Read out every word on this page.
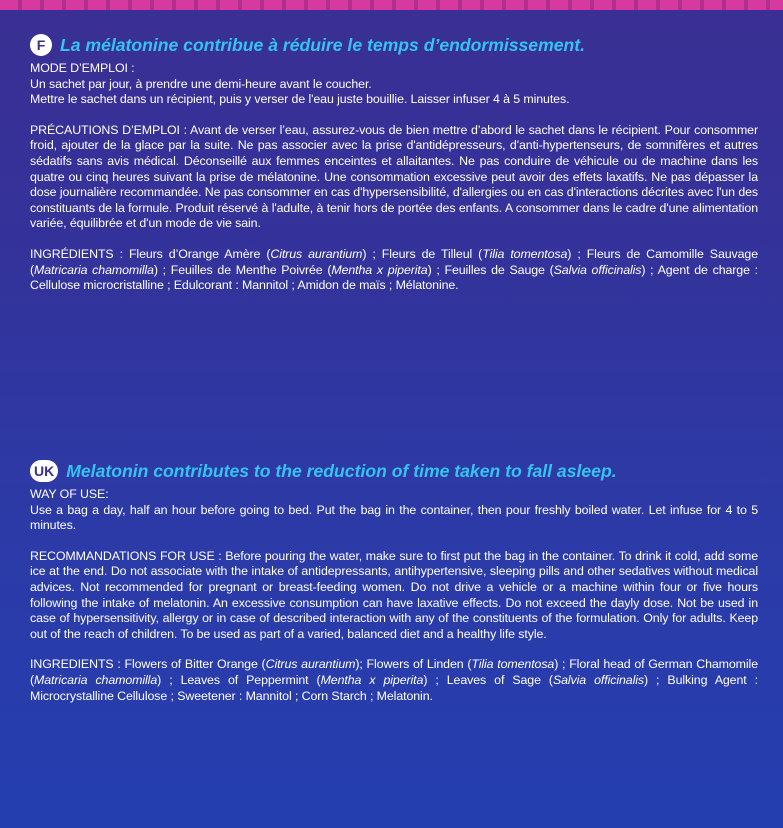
F La mélatonine contribue à réduire le temps d’endormissement.

MODE D’EMPLOI :

Un sachet par jour, à prendre une demi-heure avant le coucher.

Mettre le sachet dans un récipient, puis y verser de l'eau juste bouillie. Laisser infuser 4 à 5 minutes.

PRÉCAUTIONS D’EMPLOI : Avant de verser l’eau, assurez-vous de bien mettre d’abord le sachet dans le récipient. Pour consommer froid, ajouter de la glace par la suite. Ne pas associer avec la prise d'antidépresseurs, d'anti-hypertenseurs, de somnifères et autres sédatifs sans avis médical. Déconseillé aux femmes enceintes et allaitantes. Ne pas conduire de véhicule ou de machine dans les quatre ou cinq heures suivant la prise de mélatonine. Une consommation excessive peut avoir des effets laxatifs. Ne pas dépasser la dose journalière recommandée. Ne pas consommer en cas d'hypersensibilité, d'allergies ou en cas d'interactions décrites avec l'un des constituants de la formule. Produit réservé à l'adulte, à tenir hors de portée des enfants. A consommer dans le cadre d'une alimentation variée, équilibrée et d'un mode de vie sain.

INGRÉDIENTS : Fleurs d’Orange Amère (Citrus aurantium) ; Fleurs de Tilleul (Tilia tomentosa) ; Fleurs de Camomille Sauvage (Matricaria chamomilla) ; Feuilles de Menthe Poivrée (Mentha x piperita) ; Feuilles de Sauge (Salvia officinalis) ; Agent de charge : Cellulose microcristalline ; Edulcorant : Mannitol ; Amidon de maïs ; Mélatonine.

UK Melatonin contributes to the reduction of time taken to fall asleep.

WAY OF USE:

Use a bag a day, half an hour before going to bed. Put the bag in the container, then pour freshly boiled water. Let infuse for 4 to 5 minutes.

RECOMMANDATIONS FOR USE : Before pouring the water, make sure to first put the bag in the container. To drink it cold, add some ice at the end. Do not associate with the intake of antidepressants, antihypertensive, sleeping pills and other sedatives without medical advices. Not recommended for pregnant or breast-feeding women. Do not drive a vehicle or a machine within four or five hours following the intake of melatonin. An excessive consumption can have laxative effects. Do not exceed the dayly dose. Not be used in case of hypersensitivity, allergy or in case of described interaction with any of the constituents of the formulation. Only for adults. Keep out of the reach of children. To be used as part of a varied, balanced diet and a healthy life style.

INGREDIENTS : Flowers of Bitter Orange (Citrus aurantium); Flowers of Linden (Tilia tomentosa) ; Floral head of German Chamomile (Matricaria chamomilla) ; Leaves of Peppermint (Mentha x piperita) ; Leaves of Sage (Salvia officinalis) ; Bulking Agent : Microcrystalline Cellulose ; Sweetener : Mannitol ; Corn Starch ; Melatonin.
